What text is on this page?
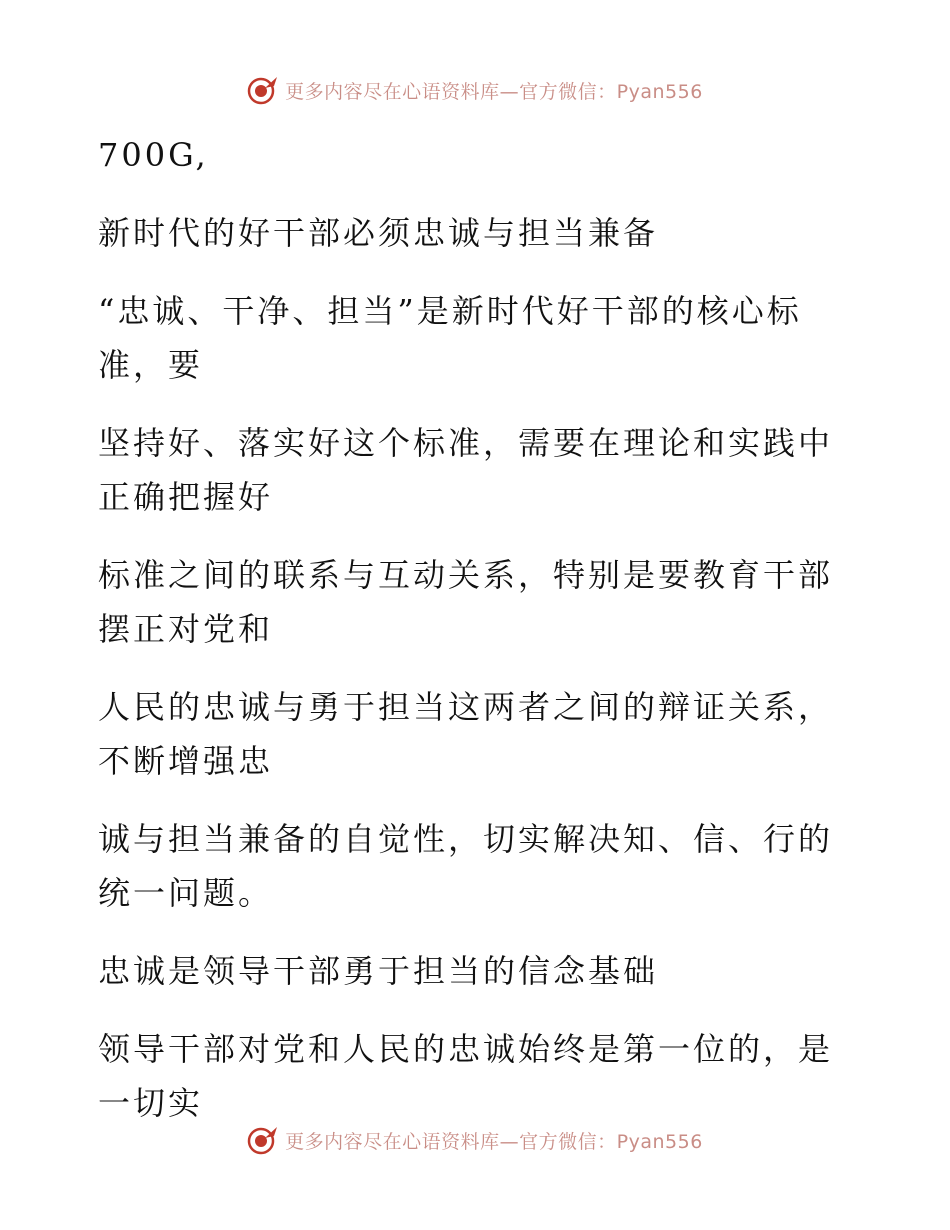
更多内容尽在心语资料库—官方微信：Pyan556

700G,

新时代的好干部必须忠诚与担当兼备

“忠诚、干净、担当”是新时代好干部的核心标
准，要

坚持好、落实好这个标准，需要在理论和实践中
正确把握好

标准之间的联系与互动关系，特别是要教育干部
摆正对党和

人民的忠诚与勇于担当这两者之间的辩证关系，
不断增强忠

诚与担当兼备的自觉性，切实解决知、信、行的
统一问题。

忠诚是领导干部勇于担当的信念基础

领导干部对党和人民的忠诚始终是第一位的，是
一切实

更多内容尽在心语资料库—官方微信：Pyan556
